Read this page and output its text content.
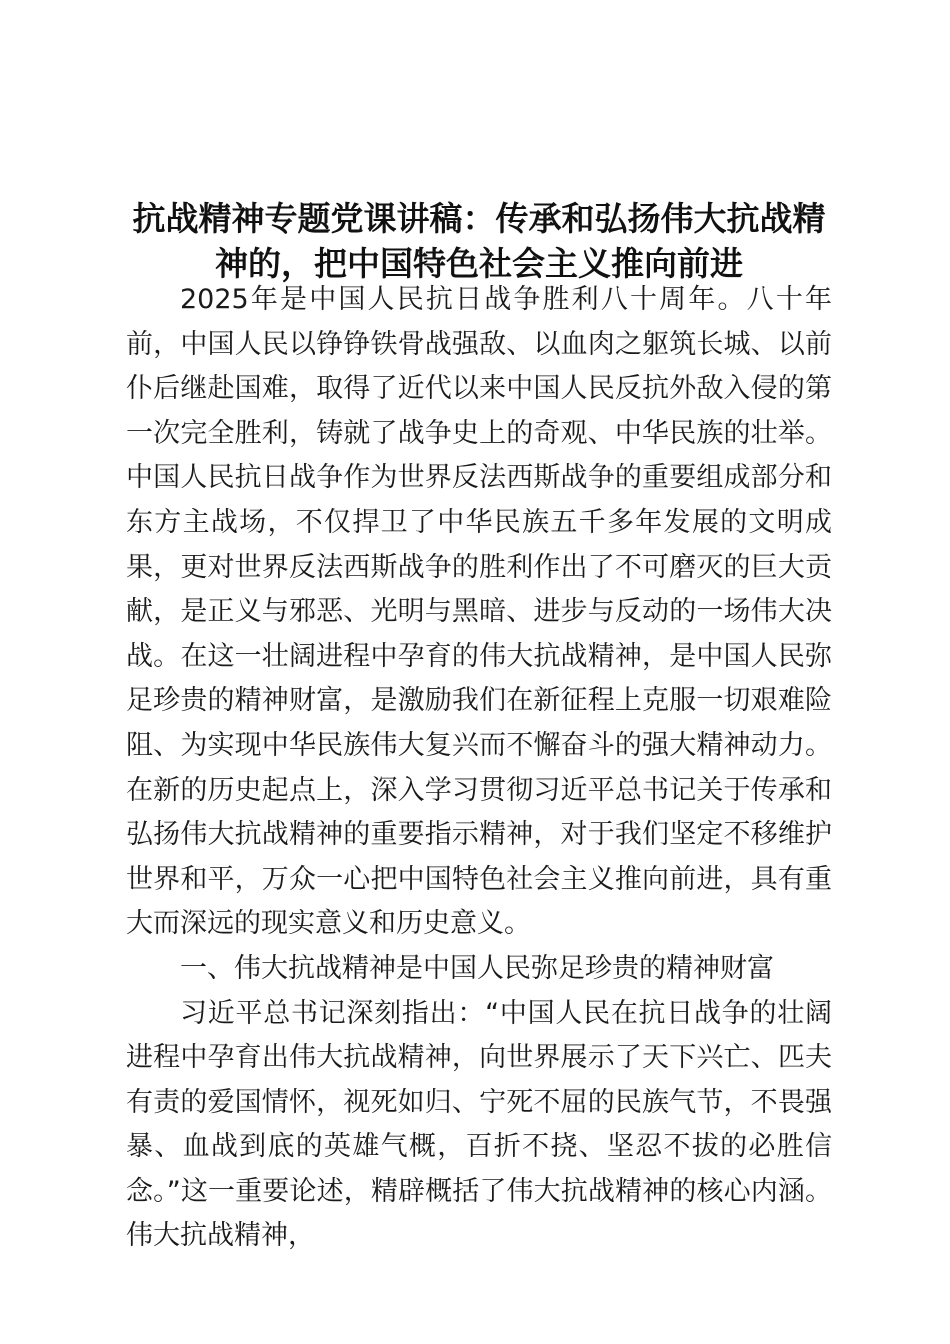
抗战精神专题党课讲稿：传承和弘扬伟大抗战精神的，把中国特色社会主义推向前进

2025年是中国人民抗日战争胜利八十周年。八十年前，中国人民以铮铮铁骨战强敌、以血肉之躯筑长城、以前仆后继赴国难，取得了近代以来中国人民反抗外敌入侵的第一次完全胜利，铸就了战争史上的奇观、中华民族的壮举。中国人民抗日战争作为世界反法西斯战争的重要组成部分和东方主战场，不仅捍卫了中华民族五千多年发展的文明成果，更对世界反法西斯战争的胜利作出了不可磨灭的巨大贡献，是正义与邪恶、光明与黑暗、进步与反动的一场伟大决战。在这一壮阔进程中孕育的伟大抗战精神，是中国人民弥足珍贵的精神财富，是激励我们在新征程上克服一切艰难险阻、为实现中华民族伟大复兴而不懈奋斗的强大精神动力。在新的历史起点上，深入学习贯彻习近平总书记关于传承和弘扬伟大抗战精神的重要指示精神，对于我们坚定不移维护世界和平，万众一心把中国特色社会主义推向前进，具有重大而深远的现实意义和历史意义。

一、伟大抗战精神是中国人民弥足珍贵的精神财富

习近平总书记深刻指出：“中国人民在抗日战争的壮阔进程中孕育出伟大抗战精神，向世界展示了天下兴亡、匹夫有责的爱国情怀，视死如归、宁死不屈的民族气节，不畏强暴、血战到底的英雄气概，百折不挠、坚忍不拔的必胜信念。”这一重要论述，精辟概括了伟大抗战精神的核心内涵。伟大抗战精神，
